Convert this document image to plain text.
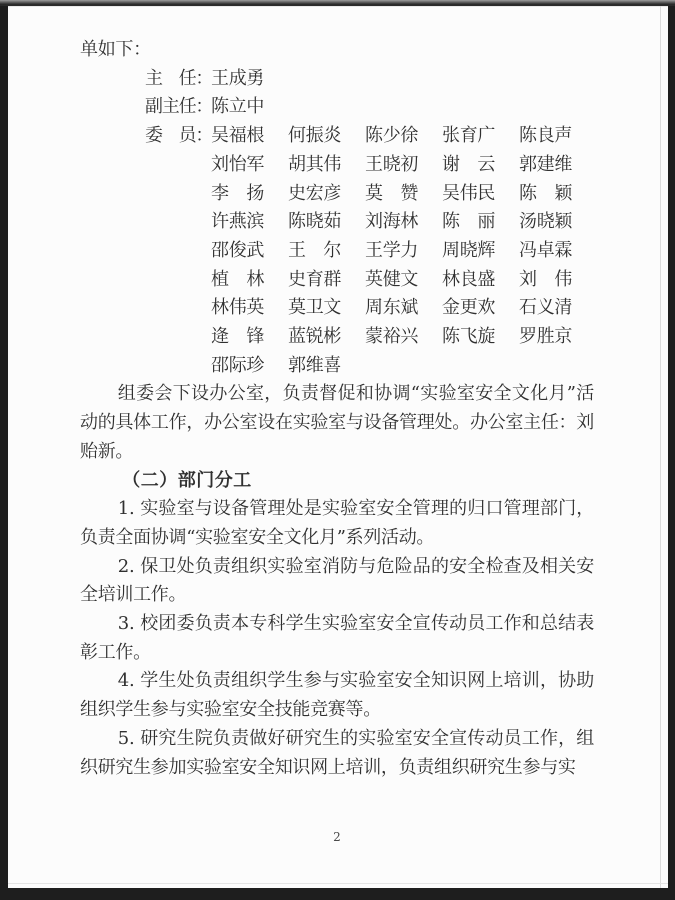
单如下：
主　任：
王成勇
副主任：
陈立中
委　员：
吴福根	何振炎	陈少徐	张育广	陈良声
刘怡军	胡其伟	王晓初	谢　云	郭建维
李　扬	史宏彦	莫　赞	吴伟民	陈　颖
许燕滨	陈晓茹	刘海林	陈　丽	汤晓颖
邵俊武	王　尔	王学力	周晓辉	冯卓霖
植　林	史育群	英健文	林良盛	刘　伟
林伟英	莫卫文	周东斌	金更欢	石义清
逄　锋	蓝锐彬	蒙裕兴	陈飞旋	罗胜京
邵际珍	郭维喜
组委会下设办公室，负责督促和协调“实验室安全文化月”活动的具体工作，办公室设在实验室与设备管理处。办公室主任：刘贻新。
（二）部门分工
1. 实验室与设备管理处是实验室安全管理的归口管理部门，负责全面协调“实验室安全文化月”系列活动。
2. 保卫处负责组织实验室消防与危险品的安全检查及相关安全培训工作。
3. 校团委负责本专科学生实验室安全宣传动员工作和总结表彰工作。
4. 学生处负责组织学生参与实验室安全知识网上培训，协助组织学生参与实验室安全技能竞赛等。
5. 研究生院负责做好研究生的实验室安全宣传动员工作，组织研究生参加实验室安全知识网上培训，负责组织研究生参与实
2
